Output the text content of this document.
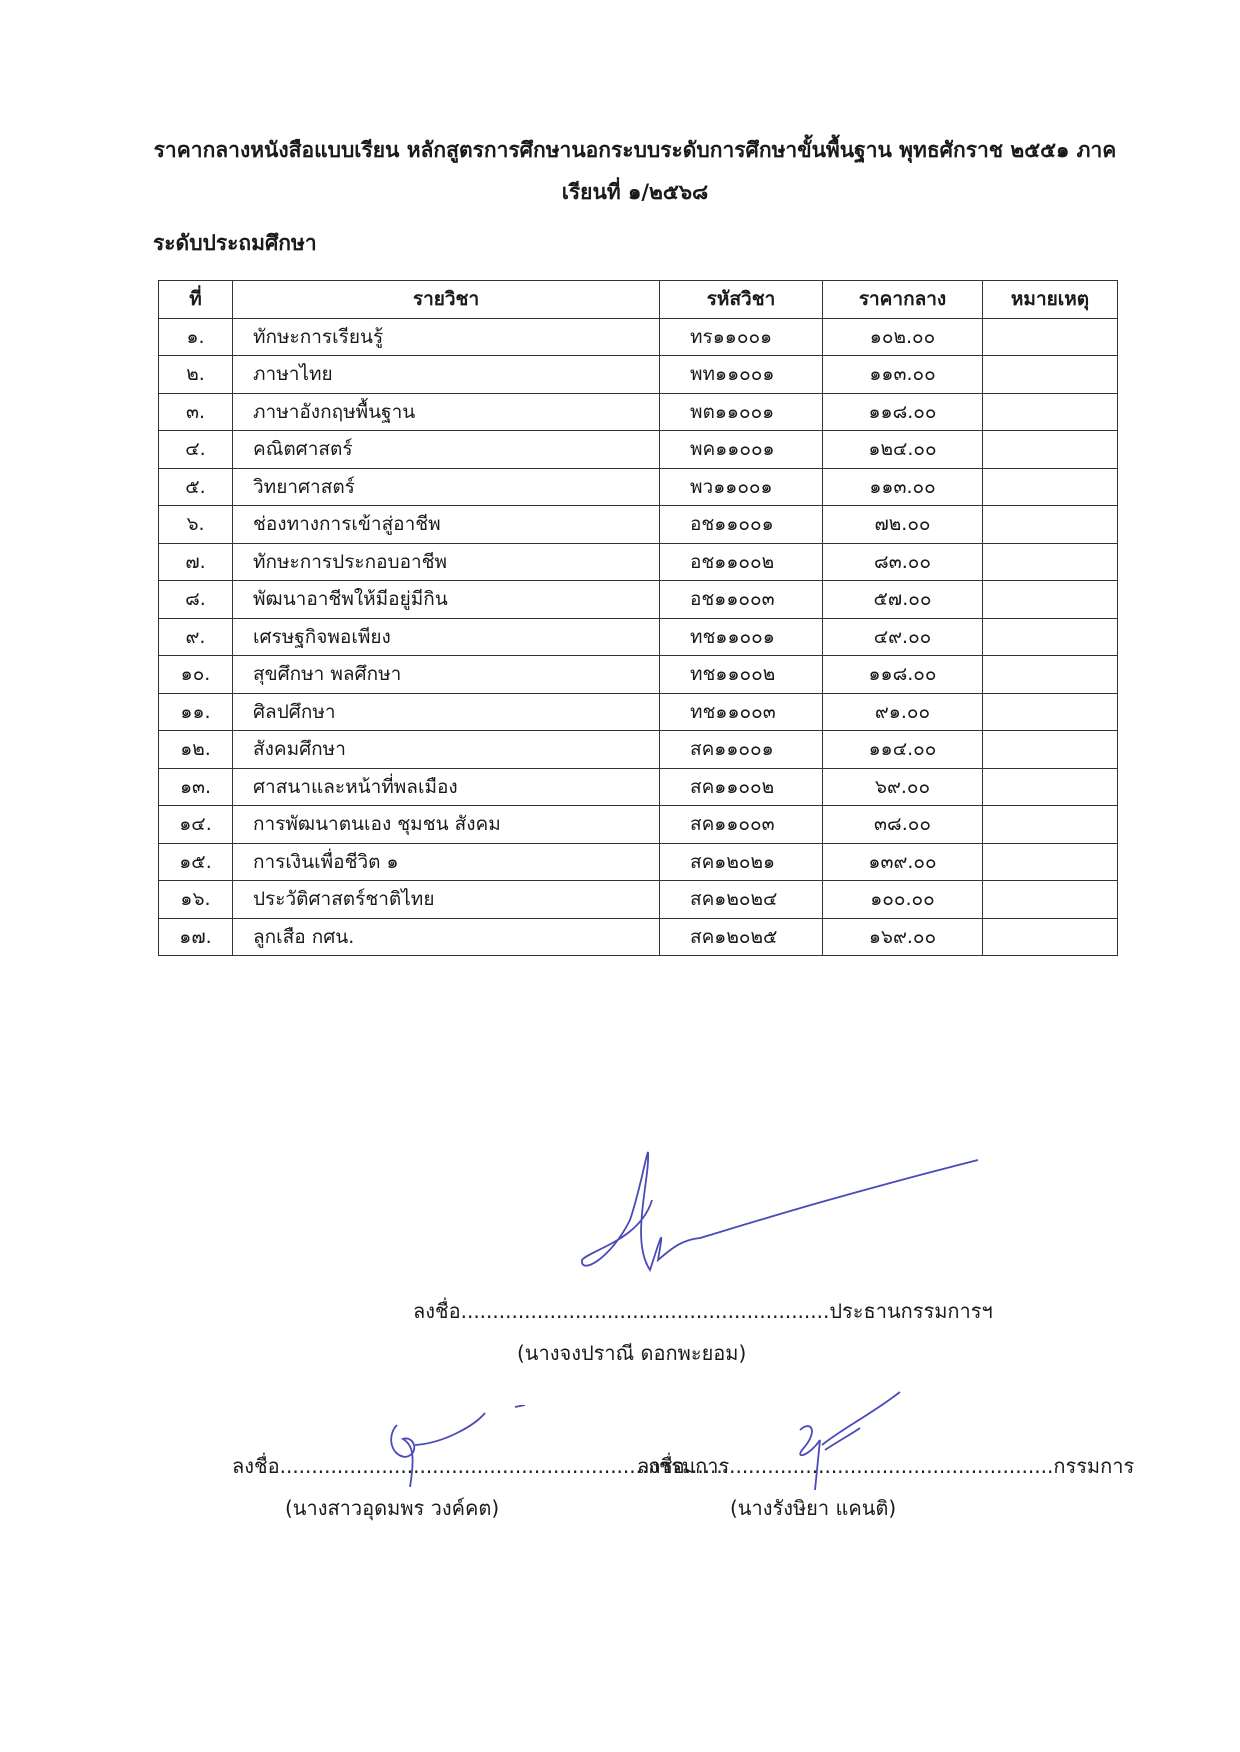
ราคากลางหนังสือแบบเรียน หลักสูตรการศึกษานอกระบบระดับการศึกษาขั้นพื้นฐาน พุทธศักราช ๒๕๕๑ ภาค
เรียนที่ ๑/๒๕๖๘
ระดับประถมศึกษา
ที่	รายวิชา	รหัสวิชา	ราคากลาง	หมายเหตุ
๑.	ทักษะการเรียนรู้	ทร๑๑๐๐๑	๑๐๒.๐๐	
๒.	ภาษาไทย	พท๑๑๐๐๑	๑๑๓.๐๐	
๓.	ภาษาอังกฤษพื้นฐาน	พต๑๑๐๐๑	๑๑๘.๐๐	
๔.	คณิตศาสตร์	พค๑๑๐๐๑	๑๒๔.๐๐	
๕.	วิทยาศาสตร์	พว๑๑๐๐๑	๑๑๓.๐๐	
๖.	ช่องทางการเข้าสู่อาชีพ	อช๑๑๐๐๑	๗๒.๐๐	
๗.	ทักษะการประกอบอาชีพ	อช๑๑๐๐๒	๘๓.๐๐	
๘.	พัฒนาอาชีพให้มีอยู่มีกิน	อช๑๑๐๐๓	๕๗.๐๐	
๙.	เศรษฐกิจพอเพียง	ทช๑๑๐๐๑	๔๙.๐๐	
๑๐.	สุขศึกษา พลศึกษา	ทช๑๑๐๐๒	๑๑๘.๐๐	
๑๑.	ศิลปศึกษา	ทช๑๑๐๐๓	๙๑.๐๐	
๑๒.	สังคมศึกษา	สค๑๑๐๐๑	๑๑๔.๐๐	
๑๓.	ศาสนาและหน้าที่พลเมือง	สค๑๑๐๐๒	๖๙.๐๐	
๑๔.	การพัฒนาตนเอง ชุมชน สังคม	สค๑๑๐๐๓	๓๘.๐๐	
๑๕.	การเงินเพื่อชีวิต ๑	สค๑๒๐๒๑	๑๓๙.๐๐	
๑๖.	ประวัติศาสตร์ชาติไทย	สค๑๒๐๒๔	๑๐๐.๐๐	
๑๗.	ลูกเสือ กศน.	สค๑๒๐๒๕	๑๖๙.๐๐	
ลงชื่อ..........................................................ประธานกรรมการฯ
(นางจงปราณี ดอกพะยอม)
ลงชื่อ..........................................................กรรมการ
(นางสาวอุดมพร วงค์คต)
ลงชื่อ..........................................................กรรมการ
(นางรังษิยา แคนติ)
